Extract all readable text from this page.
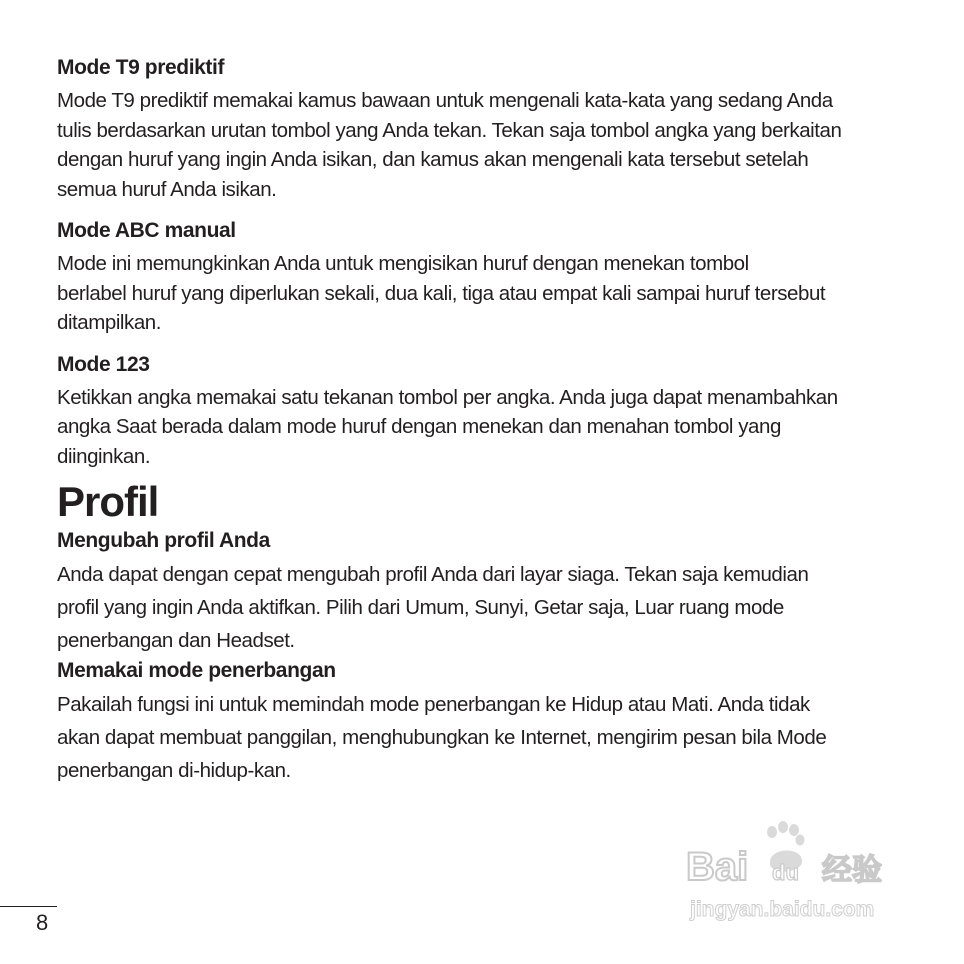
Mode T9 prediktif

Mode T9 prediktif memakai kamus bawaan untuk mengenali kata-kata yang sedang Anda
tulis berdasarkan urutan tombol yang Anda tekan. Tekan saja tombol angka yang berkaitan
dengan huruf yang ingin Anda isikan, dan kamus akan mengenali kata tersebut setelah
semua huruf Anda isikan.

Mode ABC manual

Mode ini memungkinkan Anda untuk mengisikan huruf dengan menekan tombol
berlabel huruf yang diperlukan sekali, dua kali, tiga atau empat kali sampai huruf tersebut
ditampilkan.

Mode 123

Ketikkan angka memakai satu tekanan tombol per angka. Anda juga dapat menambahkan
angka Saat berada dalam mode huruf dengan menekan dan menahan tombol yang
diinginkan.

Profil
Mengubah profil Anda

Anda dapat dengan cepat mengubah profil Anda dari layar siaga. Tekan saja kemudian
profil yang ingin Anda aktifkan. Pilih dari Umum, Sunyi, Getar saja, Luar ruang mode
penerbangan dan Headset.

Memakai mode penerbangan

Pakailah fungsi ini untuk memindah mode penerbangan ke Hidup atau Mati. Anda tidak
akan dapat membuat panggilan, menghubungkan ke Internet, mengirim pesan bila Mode
penerbangan di-hidup-kan.

8
Bai du 经验
jingyan.baidu.com
